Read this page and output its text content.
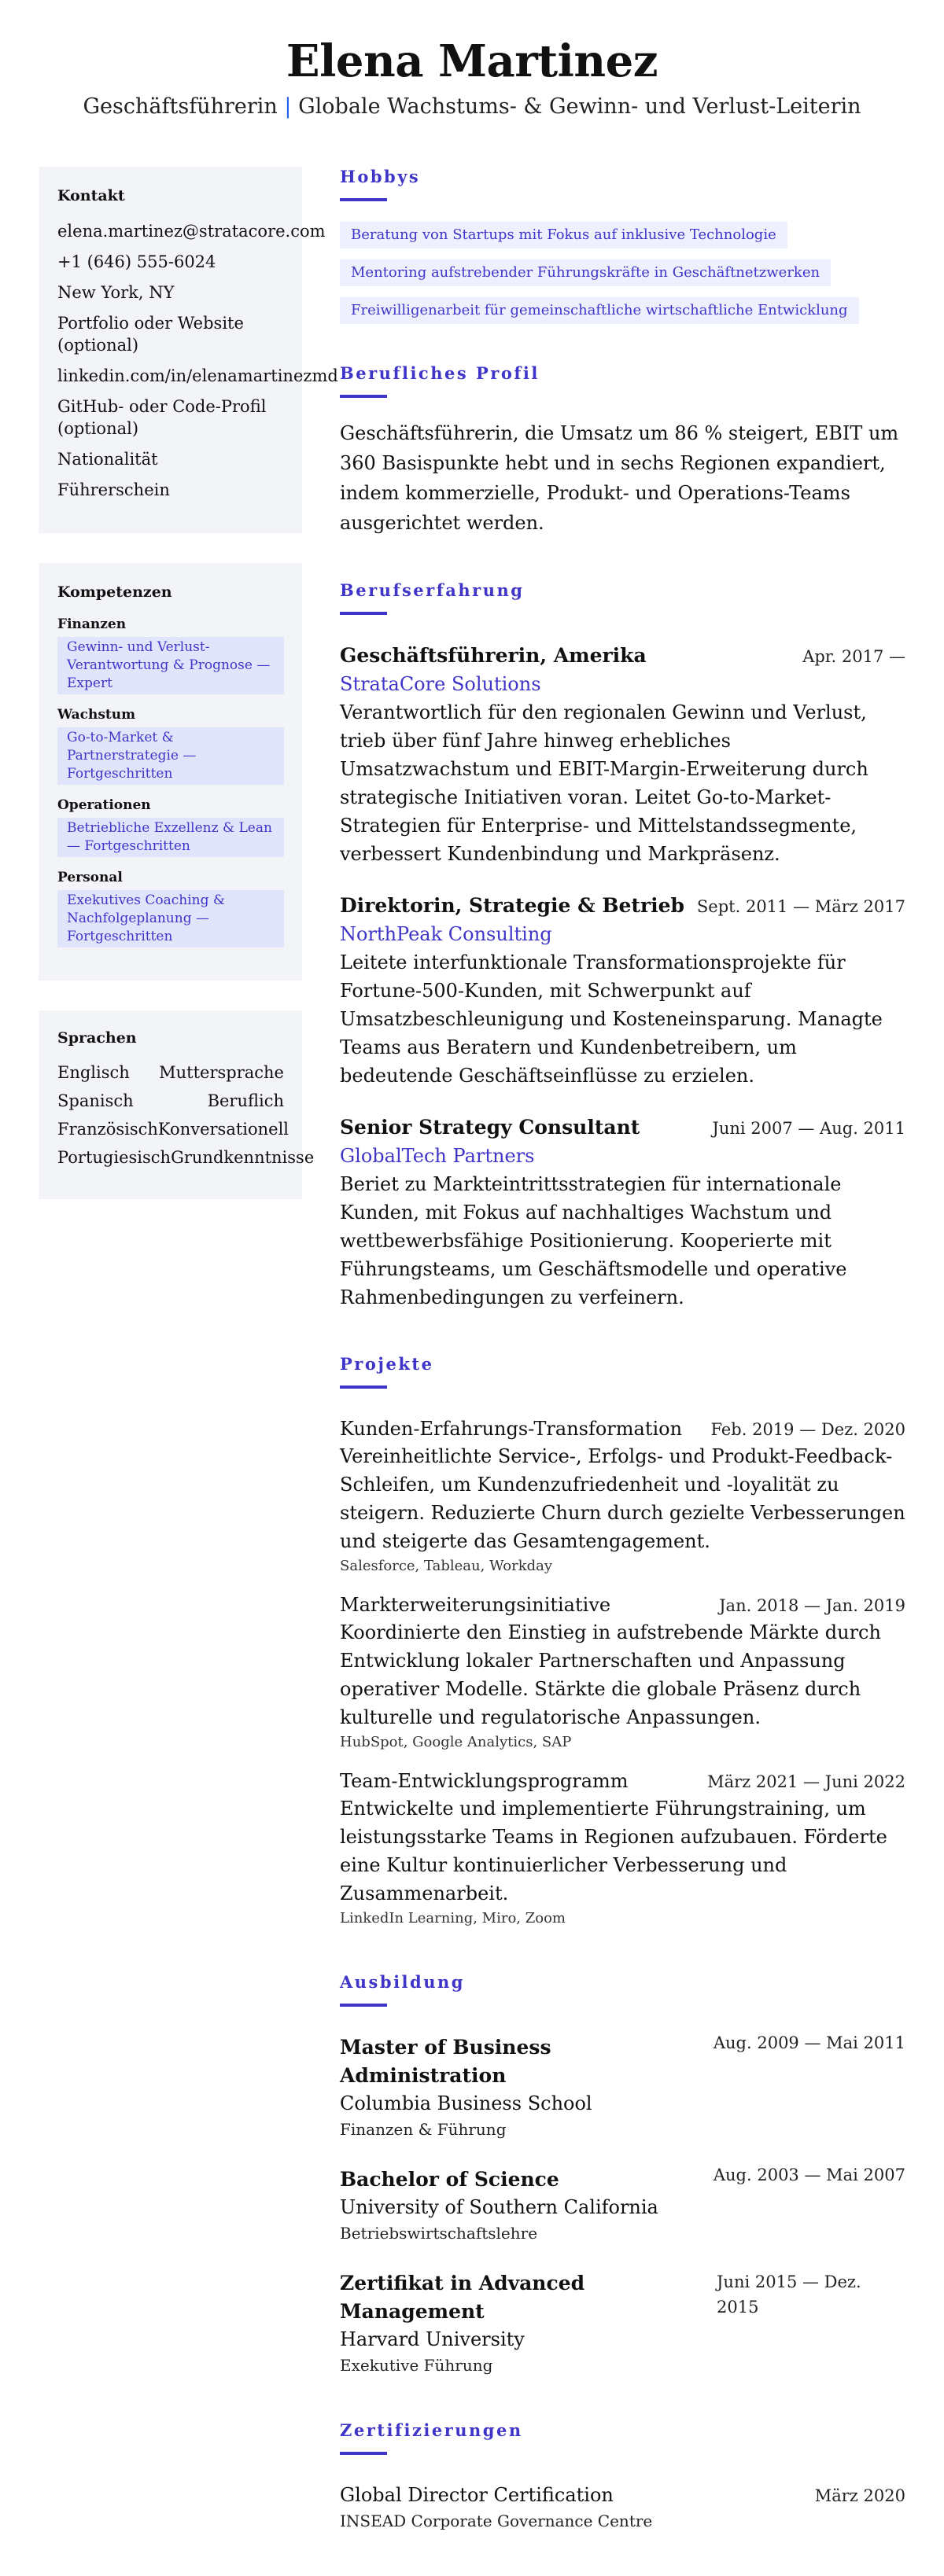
Elena Martinez
Geschäftsführerin | Globale Wachstums- & Gewinn- und Verlust-Leiterin
Kontakt
elena.martinez@stratacore.com
+1 (646) 555-6024
New York, NY
Portfolio oder Website (optional)
linkedin.com/in/elenamartinezmd
GitHub- oder Code-Profil (optional)
Nationalität
Führerschein
Kompetenzen
Finanzen
Gewinn- und Verlust-Verantwortung & Prognose — Expert
Wachstum
Go-to-Market & Partnerstrategie — Fortgeschritten
Operationen
Betriebliche Exzellenz & Lean — Fortgeschritten
Personal
Exekutives Coaching & Nachfolgeplanung — Fortgeschritten
Sprachen
Englisch Muttersprache
Spanisch	Beruflich
Französisch Konversationell
Portugiesisch Grundkenntnisse
Hobbys
Beratung von Startups mit Fokus auf inklusive Technologie
Mentoring aufstrebender Führungskräfte in Geschäftnetzwerken
Freiwilligenarbeit für gemeinschaftliche wirtschaftliche Entwicklung
Berufliches Profil

Geschäftsführerin, die Umsatz um 86 % steigert, EBIT um 360 Basispunkte hebt und in sechs Regionen expandiert, indem kommerzielle, Produkt- und Operations-Teams ausgerichtet werden.

Berufserfahrung
Geschäftsführerin, Amerika	Apr. 2017 —
StrataCore Solutions

Verantwortlich für den regionalen Gewinn und Verlust, trieb über fünf Jahre hinweg erhebliches Umsatzwachstum und EBIT-Margin-Erweiterung durch strategische Initiativen voran. Leitet Go-to-Market-Strategien für Enterprise- und Mittelstandssegmente, verbessert Kundenbindung und Markpräsenz.

Direktorin, Strategie & Betrieb Sept. 2011 — März 2017
NorthPeak Consulting

Leitete interfunktionale Transformationsprojekte für Fortune-500-Kunden, mit Schwerpunkt auf Umsatzbeschleunigung und Kosteneinsparung. Managte Teams aus Beratern und Kundenbetreibern, um bedeutende Geschäftseinflüsse zu erzielen.

Senior Strategy Consultant	Juni 2007 — Aug. 2011
GlobalTech Partners

Beriet zu Markteintrittsstrategien für internationale Kunden, mit Fokus auf nachhaltiges Wachstum und wettbewerbsfähige Positionierung. Kooperierte mit Führungsteams, um Geschäftsmodelle und operative Rahmenbedingungen zu verfeinern.

Projekte
Kunden-Erfahrungs-Transformation Feb. 2019 — Dez. 2020

Vereinheitlichte Service-, Erfolgs- und Produkt-Feedback-Schleifen, um Kundenzufriedenheit und -loyalität zu steigern. Reduzierte Churn durch gezielte Verbesserungen und steigerte das Gesamtengagement.

Salesforce, Tableau, Workday
Markterweiterungsinitiative	Jan. 2018 — Jan. 2019

Koordinierte den Einstieg in aufstrebende Märkte durch Entwicklung lokaler Partnerschaften und Anpassung operativer Modelle. Stärkte die globale Präsenz durch kulturelle und regulatorische Anpassungen.

HubSpot, Google Analytics, SAP
Team-Entwicklungsprogramm	März 2021 — Juni 2022

Entwickelte und implementierte Führungstraining, um leistungsstarke Teams in Regionen aufzubauen. Förderte eine Kultur kontinuierlicher Verbesserung und Zusammenarbeit.

LinkedIn Learning, Miro, Zoom
Ausbildung
Master of Business Administration
Aug. 2009 — Mai 2011
Columbia Business School
Finanzen & Führung
Bachelor of Science	Aug. 2003 — Mai 2007
University of Southern California
Betriebswirtschaftslehre
Zertifikat in Advanced Management
Juni 2015 — Dez. 2015
Harvard University
Exekutive Führung
Zertifizierungen
Global Director Certification	März 2020
INSEAD Corporate Governance Centre
